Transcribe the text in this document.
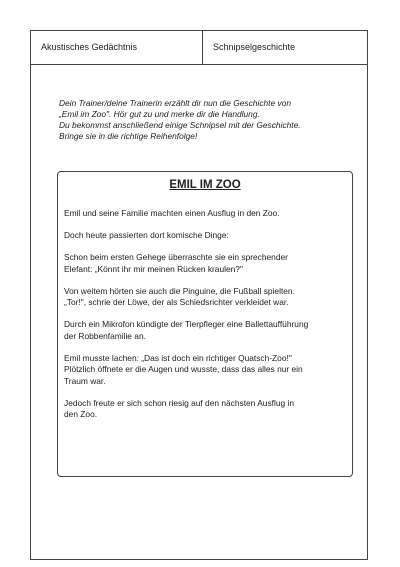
Akustisches Gedächtnis	Schnipselgeschichte
Dein Trainer/deine Trainerin erzählt dir nun die Geschichte von
„Emil im Zoo". Hör gut zu und merke dir die Handlung.
Du bekommst anschließend einige Schnipsel mit der Geschichte.
Bringe sie in die richtige Reihenfolge!
EMIL IM ZOO

Emil und seine Familie machten einen Ausflug in den Zoo.

Doch heute passierten dort komische Dinge:

Schon beim ersten Gehege überraschte sie ein sprechender
Elefant: „Könnt ihr mir meinen Rücken kraulen?"

Von weitem hörten sie auch die Pinguine, die Fußball spielten.
„Tor!", schrie der Löwe, der als Schiedsrichter verkleidet war.

Durch ein Mikrofon kündigte der Tierpfleger eine Ballettaufführung
der Robbenfamilie an.

Emil musste lachen: „Das ist doch ein richtiger Quatsch-Zoo!"
Plötzlich öffnete er die Augen und wusste, dass das alles nur ein
Traum war.

Jedoch freute er sich schon riesig auf den nächsten Ausflug in
den Zoo.
